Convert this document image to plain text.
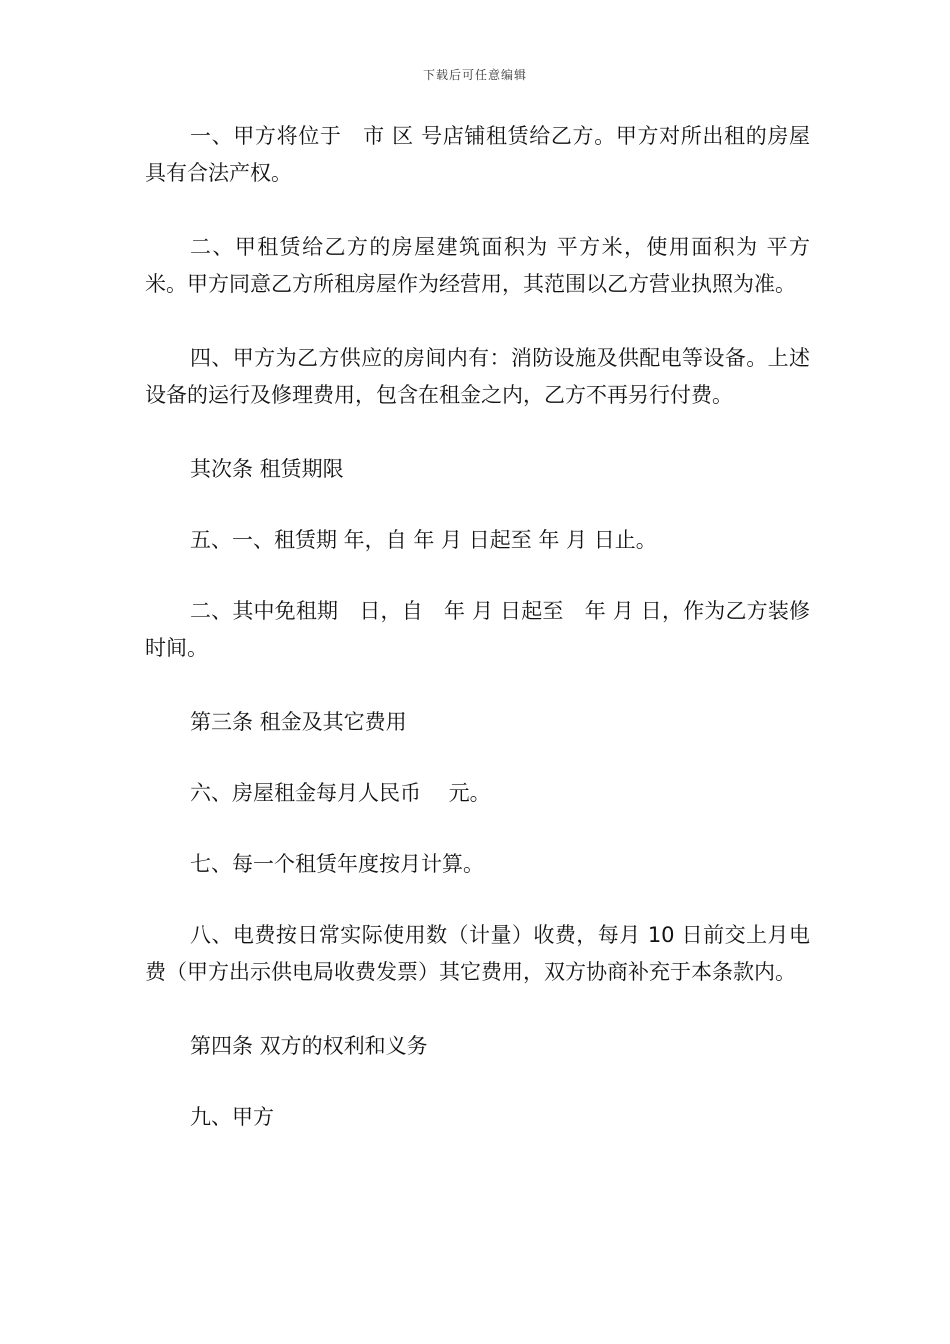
下载后可任意编辑

一、甲方将位于　市 区 号店铺租赁给乙方。甲方对所出租的房屋具有合法产权。

二、甲租赁给乙方的房屋建筑面积为 平方米，使用面积为 平方米。甲方同意乙方所租房屋作为经营用，其范围以乙方营业执照为准。

四、甲方为乙方供应的房间内有：消防设施及供配电等设备。上述设备的运行及修理费用，包含在租金之内，乙方不再另行付费。

其次条 租赁期限

五、一、租赁期 年，自 年 月 日起至 年 月 日止。

二、其中免租期　日，自　年 月 日起至　年 月 日，作为乙方装修时间。

第三条 租金及其它费用

六、房屋租金每月人民币　 元。

七、每一个租赁年度按月计算。

八、电费按日常实际使用数（计量）收费，每月 10 日前交上月电费（甲方出示供电局收费发票）其它费用，双方协商补充于本条款内。

第四条 双方的权利和义务

九、甲方
